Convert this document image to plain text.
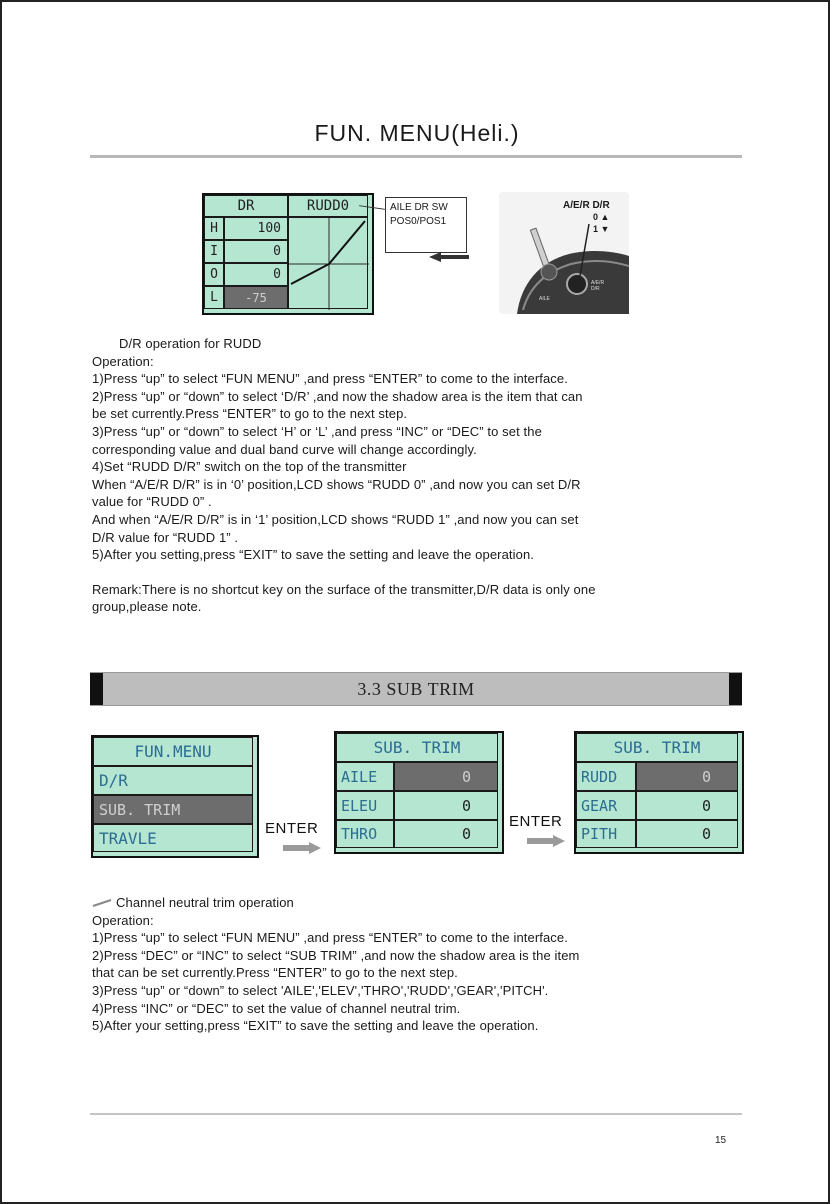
FUN. MENU(Heli.)
DR	RUDD0
H	100
I	0
O	0
L	-75
AILE DR SW
POS0/POS1
A/E/R D/R
0 ▲
1 ▼
AILE
A/E/R D/R
D/R operation for RUDD
Operation:
1)Press “up” to select “FUN MENU” ,and press “ENTER” to come to the interface.
2)Press “up” or “down” to select ‘D/R’ ,and now the shadow area is the item that can
be set currently.Press “ENTER” to go to the next step.
3)Press “up” or “down” to select ‘H’ or ‘L’ ,and press “INC” or “DEC” to set the
corresponding value and dual band curve will change accordingly.
4)Set “RUDD D/R” switch on the top of the transmitter
When “A/E/R D/R” is in ‘0’ position,LCD shows “RUDD 0” ,and now you can set D/R
value for “RUDD 0” .
And when “A/E/R D/R” is in ‘1’ position,LCD shows “RUDD 1” ,and now you can set
D/R value for “RUDD 1” .
5)After you setting,press “EXIT” to save the setting and leave the operation.
Remark:There is no shortcut key on the surface of the transmitter,D/R data is only one
group,please note.
3.3 SUB TRIM
FUN.MENU
D/R
SUB. TRIM
TRAVLE	ENTER
SUB. TRIM
AILE	0
ELEU	0
THRO	0
ENTER
SUB. TRIM
RUDD	0
GEAR	0
PITH	0
Channel neutral trim operation
Operation:
1)Press “up” to select “FUN MENU” ,and press “ENTER” to come to the interface.
2)Press “DEC” or “INC” to select “SUB TRIM” ,and now the shadow area is the item
that can be set currently.Press “ENTER” to go to the next step.
3)Press “up” or “down” to select 'AILE','ELEV','THRO','RUDD','GEAR','PITCH'.
4)Press “INC” or “DEC” to set the value of channel neutral trim.
5)After your setting,press “EXIT” to save the setting and leave the operation.
15
